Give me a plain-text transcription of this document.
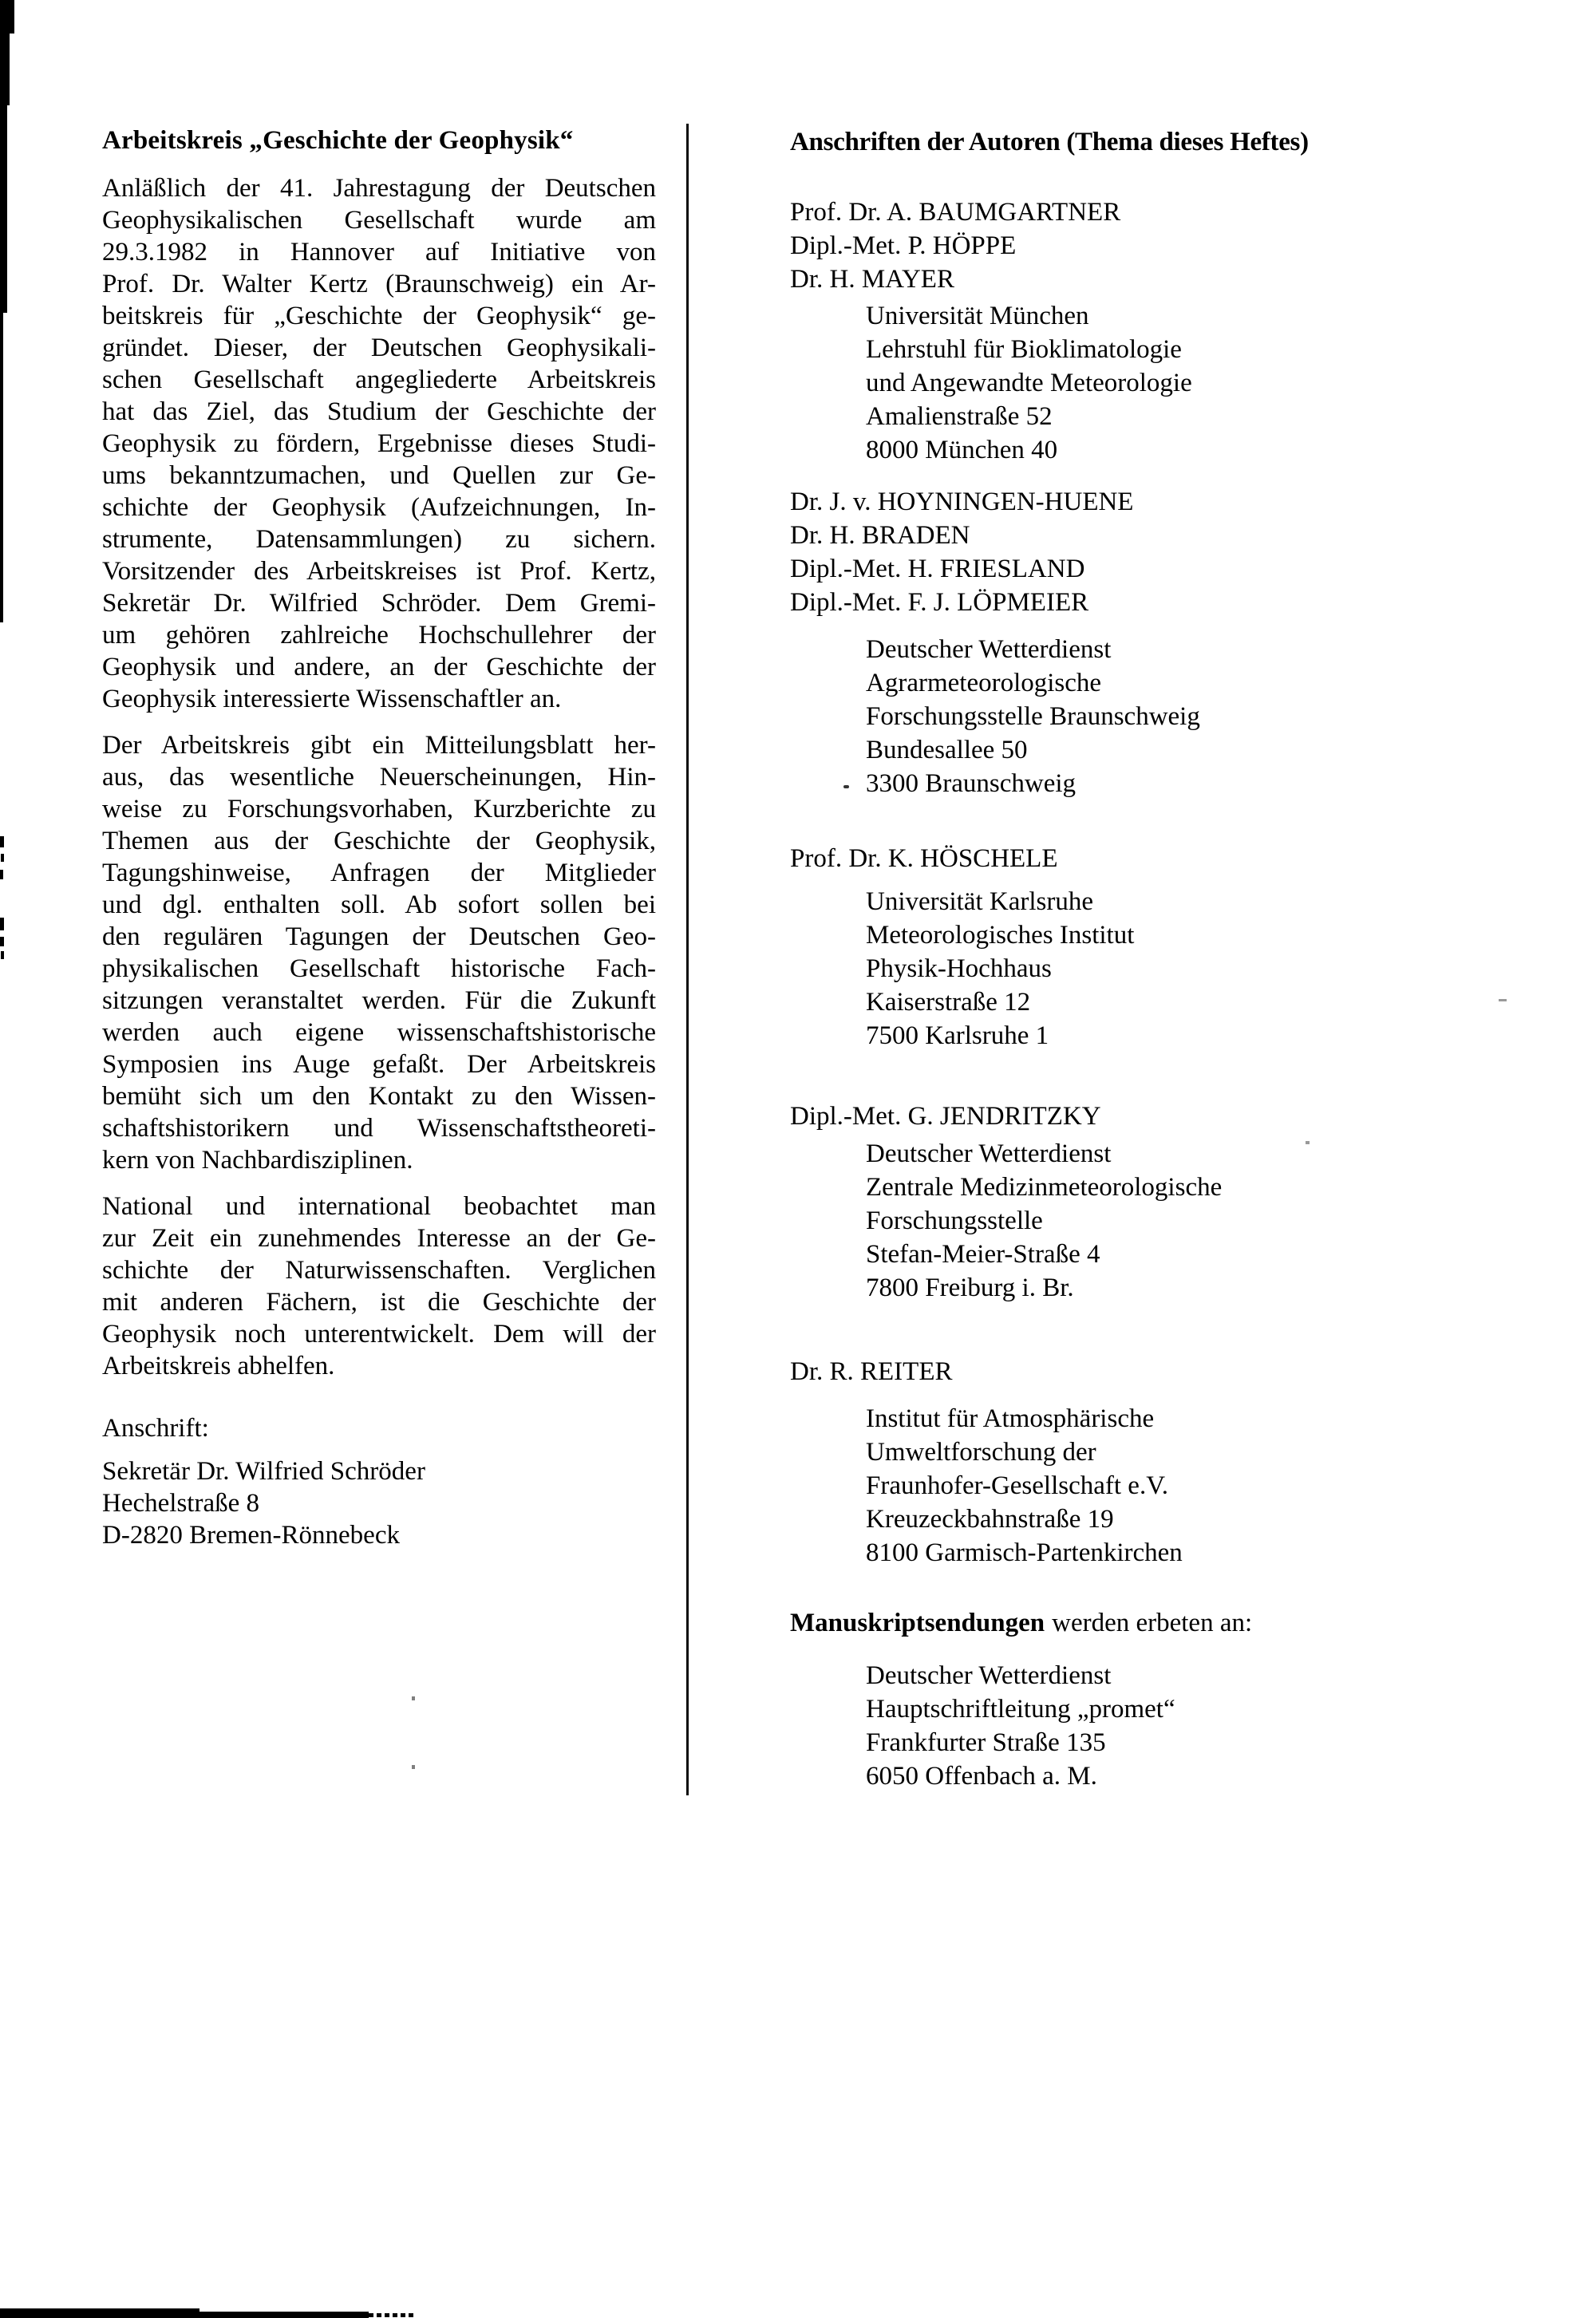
Arbeitskreis „Geschichte der Geophysik“
Anläßlich der 41. Jahrestagung der Deutschen
Geophysikalischen Gesellschaft wurde am
29.3.1982 in Hannover auf Initiative von
Prof. Dr. Walter Kertz (Braunschweig) ein Ar-
beitskreis für „Geschichte der Geophysik“ ge-
gründet. Dieser, der Deutschen Geophysikali-
schen Gesellschaft angegliederte Arbeitskreis
hat das Ziel, das Studium der Geschichte der
Geophysik zu fördern, Ergebnisse dieses Studi-
ums bekanntzumachen, und Quellen zur Ge-
schichte der Geophysik (Aufzeichnungen, In-
strumente, Datensammlungen) zu sichern.
Vorsitzender des Arbeitskreises ist Prof. Kertz,
Sekretär Dr. Wilfried Schröder. Dem Gremi-
um gehören zahlreiche Hochschullehrer der
Geophysik und andere, an der Geschichte der
Geophysik interessierte Wissenschaftler an.
Der Arbeitskreis gibt ein Mitteilungsblatt her-
aus, das wesentliche Neuerscheinungen, Hin-
weise zu Forschungsvorhaben, Kurzberichte zu
Themen aus der Geschichte der Geophysik,
Tagungshinweise, Anfragen der Mitglieder
und dgl. enthalten soll. Ab sofort sollen bei
den regulären Tagungen der Deutschen Geo-
physikalischen Gesellschaft historische Fach-
sitzungen veranstaltet werden. Für die Zukunft
werden auch eigene wissenschaftshistorische
Symposien ins Auge gefaßt. Der Arbeitskreis
bemüht sich um den Kontakt zu den Wissen-
schaftshistorikern und Wissenschaftstheoreti-
kern von Nachbardisziplinen.
National und international beobachtet man
zur Zeit ein zunehmendes Interesse an der Ge-
schichte der Naturwissenschaften. Verglichen
mit anderen Fächern, ist die Geschichte der
Geophysik noch unterentwickelt. Dem will der
Arbeitskreis abhelfen.
Anschrift:
Sekretär Dr. Wilfried Schröder
Hechelstraße 8
D-2820 Bremen-Rönnebeck
Anschriften der Autoren (Thema dieses Heftes)
Prof. Dr. A. BAUMGARTNER
Dipl.-Met. P. HÖPPE
Dr. H. MAYER
Universität München
Lehrstuhl für Bioklimatologie
und Angewandte Meteorologie
Amalienstraße 52
8000 München 40
Dr. J. v. HOYNINGEN-HUENE
Dr. H. BRADEN
Dipl.-Met. H. FRIESLAND
Dipl.-Met. F. J. LÖPMEIER
Deutscher Wetterdienst
Agrarmeteorologische
Forschungsstelle Braunschweig
Bundesallee 50
3300 Braunschweig
Prof. Dr. K. HÖSCHELE
Universität Karlsruhe
Meteorologisches Institut
Physik-Hochhaus
Kaiserstraße 12
7500 Karlsruhe 1
Dipl.-Met. G. JENDRITZKY
Deutscher Wetterdienst
Zentrale Medizinmeteorologische
Forschungsstelle
Stefan-Meier-Straße 4
7800 Freiburg i. Br.
Dr. R. REITER
Institut für Atmosphärische
Umweltforschung der
Fraunhofer-Gesellschaft e.V.
Kreuzeckbahnstraße 19
8100 Garmisch-Partenkirchen
Manuskriptsendungen werden erbeten an:
Deutscher Wetterdienst
Hauptschriftleitung „promet“
Frankfurter Straße 135
6050 Offenbach a. M.
